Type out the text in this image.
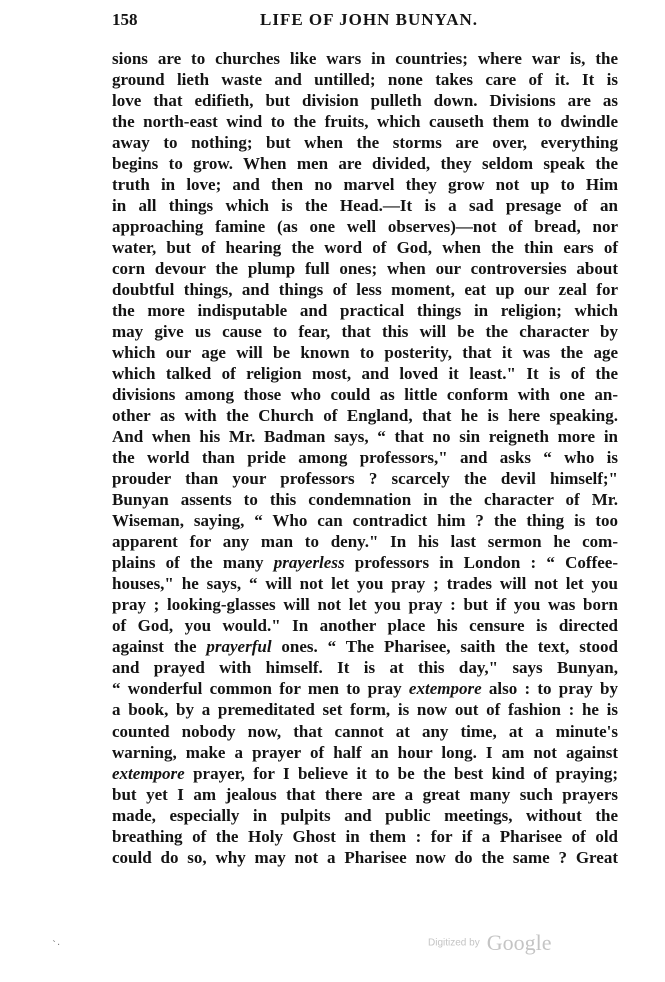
158	LIFE OF JOHN BUNYAN.
sions are to churches like wars in countries; where war is, the
ground lieth waste and untilled; none takes care of it. It is
love that edifieth, but division pulleth down. Divisions are as
the north-east wind to the fruits, which causeth them to dwindle
away to nothing; but when the storms are over, everything
begins to grow. When men are divided, they seldom speak the
truth in love; and then no marvel they grow not up to Him
in all things which is the Head.—It is a sad presage of an
approaching famine (as one well observes)—not of bread, nor
water, but of hearing the word of God, when the thin ears of
corn devour the plump full ones; when our controversies about
doubtful things, and things of less moment, eat up our zeal for
the more indisputable and practical things in religion; which
may give us cause to fear, that this will be the character by
which our age will be known to posterity, that it was the age
which talked of religion most, and loved it least." It is of the
divisions among those who could as little conform with one an-
other as with the Church of England, that he is here speaking.
And when his Mr. Badman says, “ that no sin reigneth more in
the world than pride among professors," and asks “ who is
prouder than your professors ? scarcely the devil himself;"
Bunyan assents to this condemnation in the character of Mr.
Wiseman, saying, “ Who can contradict him ? the thing is too
apparent for any man to deny." In his last sermon he com-
plains of the many prayerless professors in London : “ Coffee-
houses," he says, “ will not let you pray ; trades will not let you
pray ; looking-glasses will not let you pray : but if you was born
of God, you would." In another place his censure is directed
against the prayerful ones. “ The Pharisee, saith the text, stood
and prayed with himself. It is at this day," says Bunyan,
“ wonderful common for men to pray extempore also : to pray by
a book, by a premeditated set form, is now out of fashion : he is
counted nobody now, that cannot at any time, at a minute's
warning, make a prayer of half an hour long. I am not against
extempore prayer, for I believe it to be the best kind of praying;
but yet I am jealous that there are a great many such prayers
made, especially in pulpits and public meetings, without the
breathing of the Holy Ghost in them : for if a Pharisee of old
could do so, why may not a Pharisee now do the same ? Great
Digitized by Google
`·
